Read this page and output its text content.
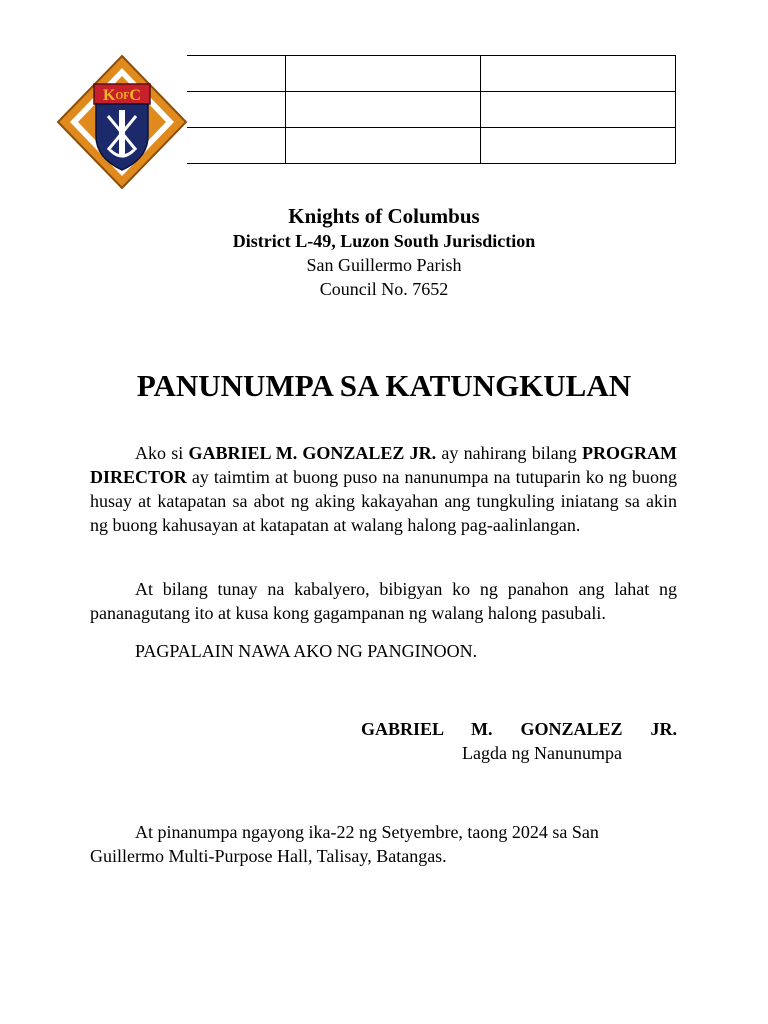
KOFC

Knights of Columbus
District L-49, Luzon South Jurisdiction
San Guillermo Parish
Council No. 7652
PANUNUMPA SA KATUNGKULAN

Ako si GABRIEL M. GONZALEZ JR. ay nahirang bilang PROGRAM DIRECTOR ay taimtim at buong puso na nanunumpa na tutuparin ko ng buong husay at katapatan sa abot ng aking kakayahan ang tungkuling iniatang sa akin ng buong kahusayan at katapatan at walang halong pag-aalinlangan.

At bilang tunay na kabalyero, bibigyan ko ng panahon ang lahat ng pananagutang ito at kusa kong gagampanan ng walang halong pasubali.

PAGPALAIN NAWA AKO NG PANGINOON.

GABRIEL M. GONZALEZ JR.
Lagda ng Nanunumpa

At pinanumpa ngayong ika-22 ng Setyembre, taong 2024 sa San Guillermo Multi-Purpose Hall, Talisay, Batangas.
